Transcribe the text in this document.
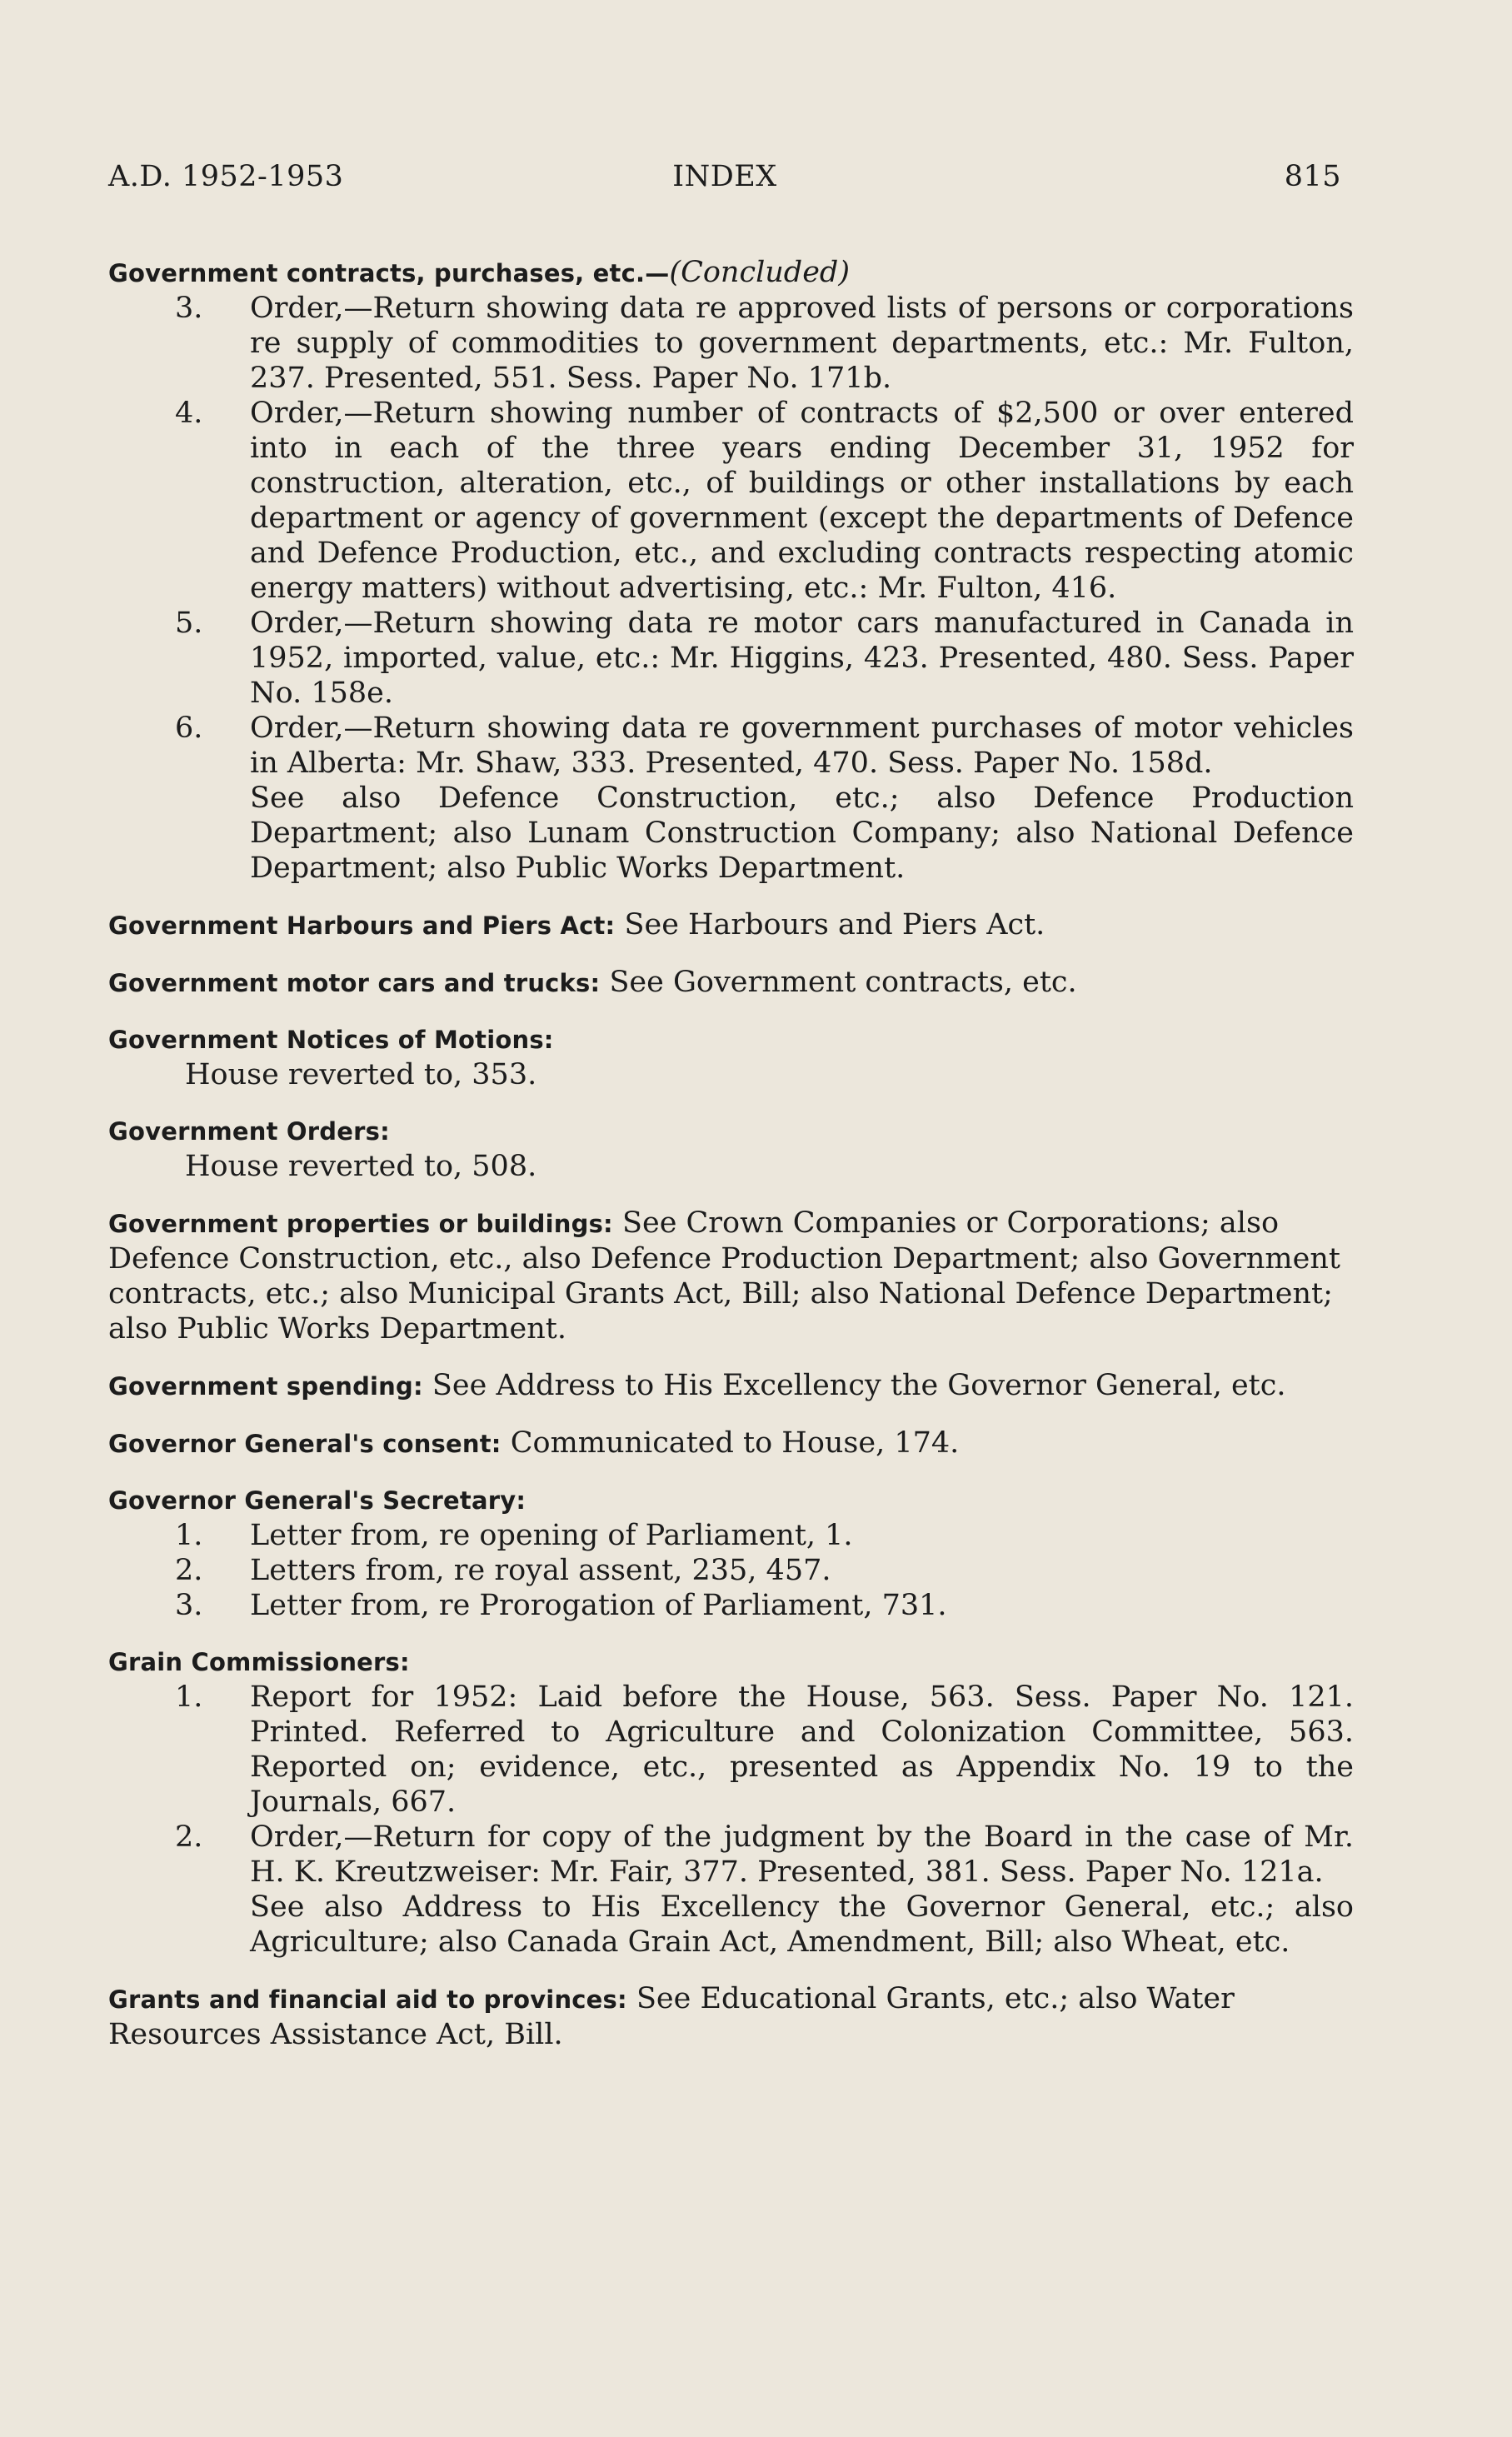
A.D. 1952-1953	INDEX	815

Government contracts, purchases, etc.—(Concluded)

3.	Order,—Return showing data re approved lists of persons or corporations re supply of commodities to government departments, etc.: Mr. Fulton, 237. Presented, 551. Sess. Paper No. 171b.
4.	Order,—Return showing number of contracts of $2,500 or over entered into in each of the three years ending December 31, 1952 for construction, alteration, etc., of buildings or other installations by each department or agency of government (except the departments of Defence and Defence Production, etc., and excluding contracts respecting atomic energy matters) without advertising, etc.: Mr. Fulton, 416.
5.	Order,—Return showing data re motor cars manufactured in Canada in 1952, imported, value, etc.: Mr. Higgins, 423. Presented, 480. Sess. Paper No. 158e.
6.	Order,—Return showing data re government purchases of motor vehicles in Alberta: Mr. Shaw, 333. Presented, 470. Sess. Paper No. 158d.
See also Defence Construction, etc.; also Defence Production Department; also Lunam Construction Company; also National Defence Department; also Public Works Department.
Government Harbours and Piers Act: See Harbours and Piers Act.
Government motor cars and trucks: See Government contracts, etc.
Government Notices of Motions:
House reverted to, 353.
Government Orders:
House reverted to, 508.
Government properties or buildings: See Crown Companies or Corporations; also Defence Construction, etc., also Defence Production Department; also Government contracts, etc.; also Municipal Grants Act, Bill; also National Defence Department; also Public Works Department.
Government spending: See Address to His Excellency the Governor General, etc.
Governor General's consent: Communicated to House, 174.
Governor General's Secretary:
1.	Letter from, re opening of Parliament, 1.
2.	Letters from, re royal assent, 235, 457.
3.	Letter from, re Prorogation of Parliament, 731.
Grain Commissioners:
1.	Report for 1952: Laid before the House, 563. Sess. Paper No. 121. Printed. Referred to Agriculture and Colonization Committee, 563. Reported on; evidence, etc., presented as Appendix No. 19 to the Journals, 667.
2.	Order,—Return for copy of the judgment by the Board in the case of Mr. H. K. Kreutzweiser: Mr. Fair, 377. Presented, 381. Sess. Paper No. 121a.
See also Address to His Excellency the Governor General, etc.; also Agriculture; also Canada Grain Act, Amendment, Bill; also Wheat, etc.
Grants and financial aid to provinces: See Educational Grants, etc.; also Water Resources Assistance Act, Bill.
